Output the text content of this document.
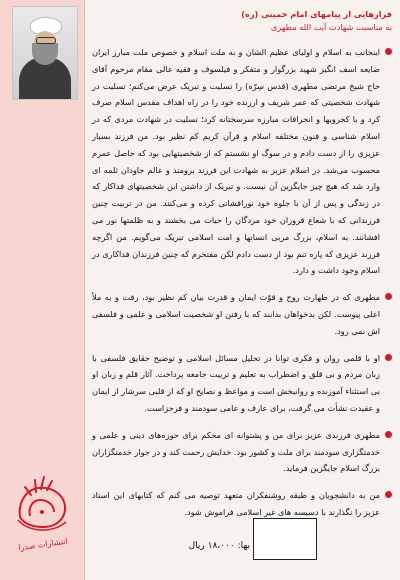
انتشارات صدرا
فرازهایی از پیامهای امام خمینی (ره)
به مناسبت شهادت آیت الله مطهری
اینجانب به اسلام و اولیای عظیم الشان و به ملت اسلام و خصوص ملت مبارز ایران ضایعه اسف انگیز شهید بزرگوار و متفکر و فیلسوف و فقیه عالی مقام مرحوم آقای حاج شیخ مرتضی مطهری (قدس سِرّه) را تسلیت و تبریک عرض می‌کنم؛ تسلیت در شهادت شخصیتی که عمر شریف و ارزنده خود را در راه اهداف مقدس اسلام صرف کرد و با کجرویها و انحرافات مبارزه سرسختانه کرد؛ تسلیت در شهادت مردی که در اسلام شناسی و فنون مختلفه اسلام و قرآن کریم کم نظیر بود. من فرزند بسیار عزیزی را از دست دادم و در سوگ او نشستم که از شخصیتهایی بود که حاصل عمرم محسوب می‌شد. در اسلام عزیز به شهادت این فرزند برومند و عالم جاودان ثلمه ای وارد شد که هیچ چیز جایگزین آن نیست. و تبریک از داشتن این شخصیتهای فداکار که در زندگی و پس از آن با جلوه خود نورافشانی کرده و می‌کنند. من در تربیت چنین فرزندانی که با شعاع فروزان خود مردگان را حیات می بخشند و به ظلمتها نور می افشانند. به اسلام، بزرگ مربی انسانها و امت اسلامی تبریک می‌گویم. من اگرچه فرزند عزیزی که پاره تنم بود از دست دادم لکن مفتخرم که چنین فرزندان فداکاری در اسلام وجود داشت و دارد.
مطهری که در طهارت روح و قوّت ایمان و قدرت بیان کم نظیر بود، رفت و به ملأ اعلی پیوست. لکن بدخواهان بدانند که با رفتن او شخصیت اسلامی و علمی و فلسفی اش نمی رود.
او با قلمی روان و فکری توانا در تحلیل مسائل اسلامی و توضیح حقایق فلسفی با زبان مردم و بی قلق و اضطراب به تعلیم و تربیت جامعه پرداخت. آثار قلم و زبان او بی استثناء آموزنده و روانبخش است و مواعظ و نصایح او که از قلبی سرشار از ایمان و عقیدت نشأت می گرفت، برای عارف و عامی سودمند و فرحزاست.
مطهری فرزندی عزیز برای من و پشتوانه ای محکم برای حوزه‌های دینی و علمی و خدمتگزاری سودمند برای ملت و کشور بود. خدایش رحمت کند و در جوار خدمتگزاران بزرگ اسلام جایگزین فرماید.
من به دانشجویان و طبقه روشنفکران متعهد توصیه می کنم که کتابهای این استاد عزیز را نگذارند با دسیسه های غیر اسلامی فراموش شود.
بها: ۱۸،۰۰۰ ریال
